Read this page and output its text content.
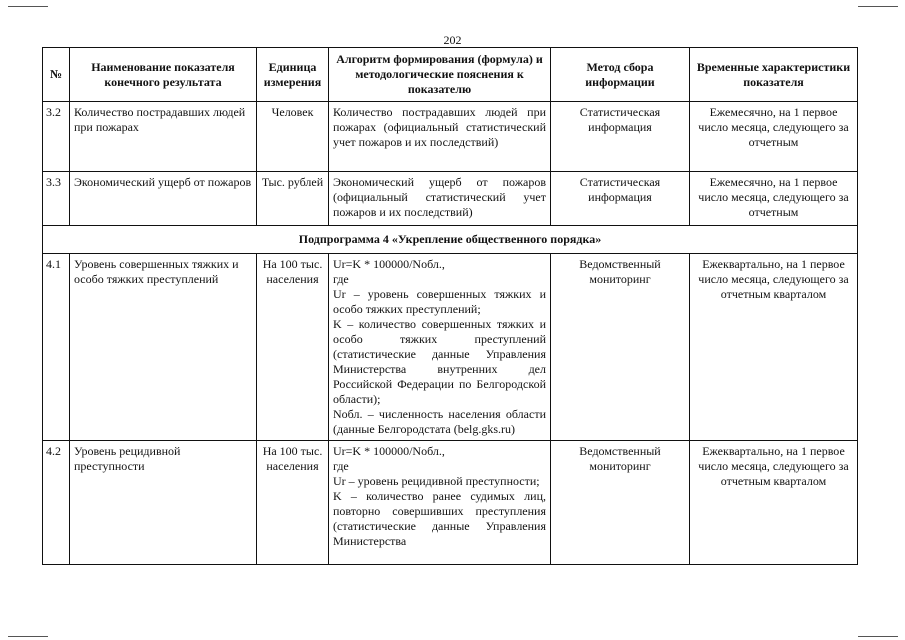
202
№	Наименование показателя конечного результата	Единица измерения	Алгоритм формирования (формула) и методологические пояснения к показателю	Метод сбора информации	Временные характеристики показателя
3.2	Количество пострадавших людей при пожарах	Человек	Количество пострадавших людей при пожарах (официальный статистический учет пожаров и их последствий)	Статистическая информация	Ежемесячно, на 1 первое число месяца, следующего за отчетным
3.3	Экономический ущерб от пожаров	Тыс. рублей	Экономический ущерб от пожаров (официальный статистический учет пожаров и их последствий)	Статистическая информация	Ежемесячно, на 1 первое число месяца, следующего за отчетным
Подпрограмма 4 «Укрепление общественного порядка»					
4.1	Уровень совершенных тяжких и особо тяжких преступлений	На 100 тыс. населения	Ur=K * 100000/Nобл.,
где
Ur – уровень совершенных тяжких и особо тяжких преступлений;
K – количество совершенных тяжких и особо тяжких преступлений (статистические данные Управления Министерства внутренних дел Российской Федерации по Белгородской области);
Nобл. – численность населения области (данные Белгородстата (belg.gks.ru)	Ведомственный мониторинг	Ежеквартально, на 1 первое число месяца, следующего за отчетным кварталом
4.2	Уровень рецидивной преступности	На 100 тыс. населения	Ur=K * 100000/Nобл.,
где
Ur – уровень рецидивной преступности;
K – количество ранее судимых лиц, повторно совершивших преступления (статистические данные Управления Министерства	Ведомственный мониторинг	Ежеквартально, на 1 первое число месяца, следующего за отчетным кварталом
